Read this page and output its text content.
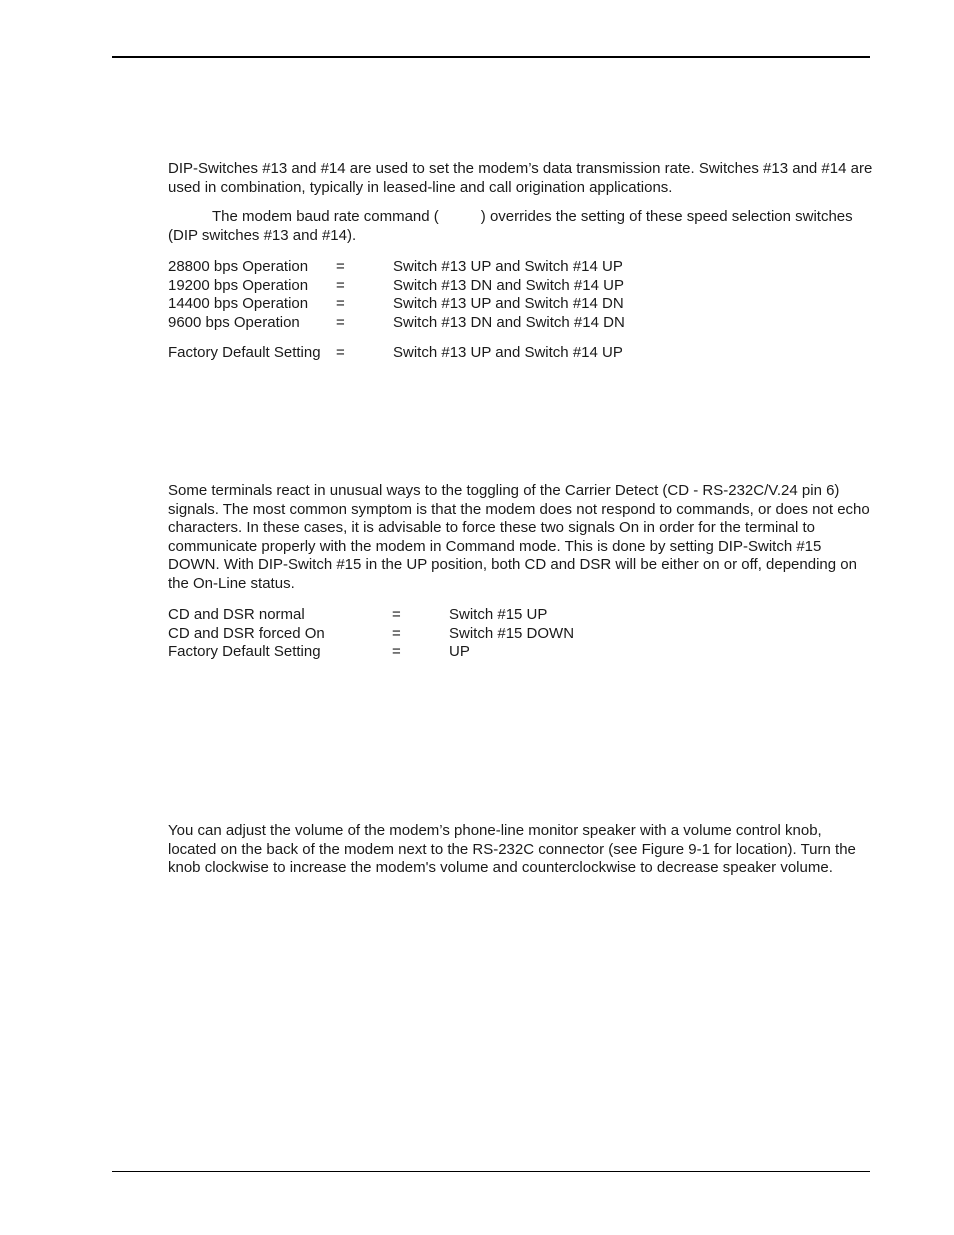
DIP-Switches #13 and #14 are used to set the modem’s data transmission rate. Switches #13 and #14 are used in combination, typically in leased-line and call origination applications.

The modem baud rate command (	) overrides the setting of these speed selection switches (DIP switches #13 and #14).

28800 bps Operation =	Switch #13 UP and Switch #14 UP
19200 bps Operation =	Switch #13 DN and Switch #14 UP
14400 bps Operation =	Switch #13 UP and Switch #14 DN
9600 bps Operation =	Switch #13 DN and Switch #14 DN
Factory Default Setting =	Switch #13 UP and Switch #14 UP

Some terminals react in unusual ways to the toggling of the Carrier Detect (CD - RS-232C/V.24 pin 6) signals. The most common symptom is that the modem does not respond to commands, or does not echo characters. In these cases, it is advisable to force these two signals On in order for the terminal to communicate properly with the modem in Command mode. This is done by setting DIP-Switch #15 DOWN. With DIP-Switch #15 in the UP position, both CD and DSR will be either on or off, depending on the On-Line status.

CD and DSR normal	=	Switch #15 UP
CD and DSR forced On	=	Switch #15 DOWN
Factory Default Setting	=	UP

You can adjust the volume of the modem’s phone-line monitor speaker with a volume control knob, located on the back of the modem next to the RS-232C connector (see Figure 9-1 for location). Turn the knob clockwise to increase the modem's volume and counterclockwise to decrease speaker volume.
